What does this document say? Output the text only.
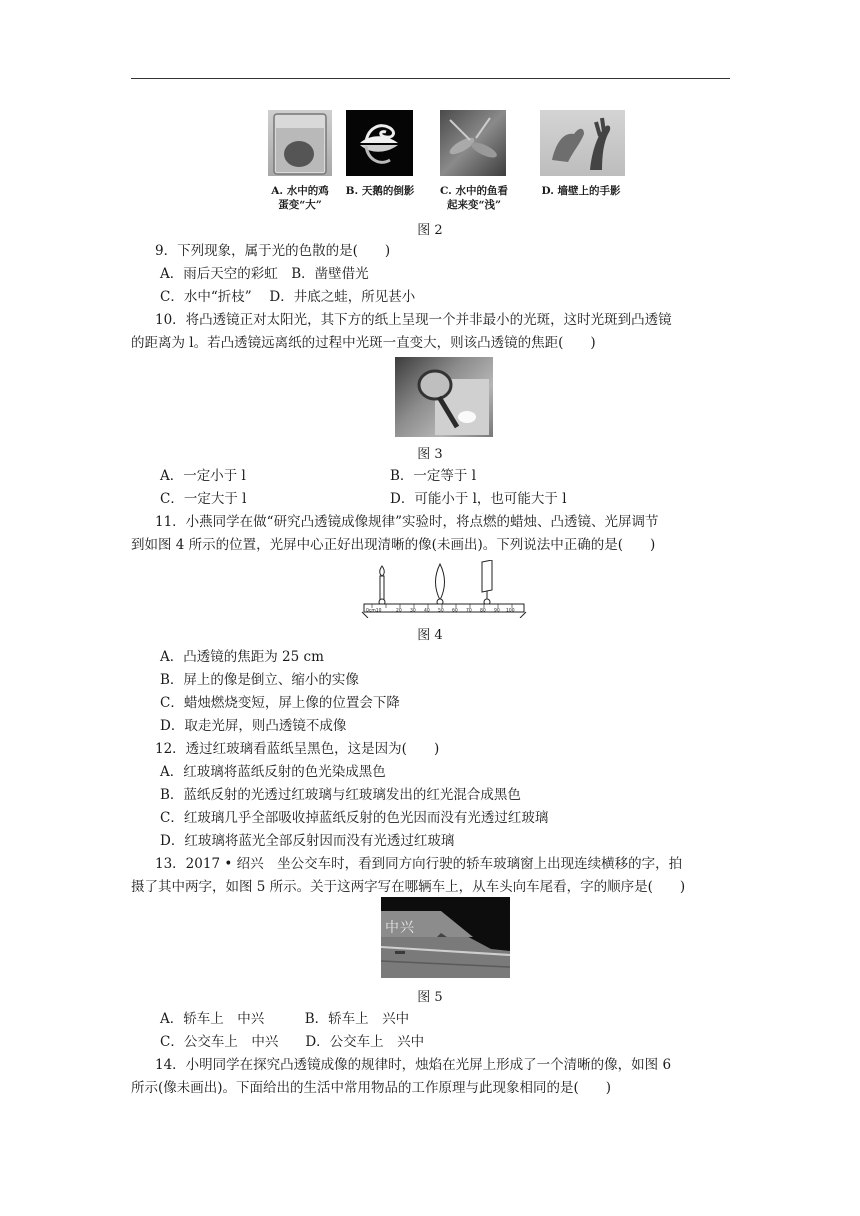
A. 水中的鸡
蛋变“大”
B. 天鹅的倒影	C. 水中的鱼看
起来变“浅”
D. 墙壁上的手影
图 2
9．下列现象，属于光的色散的是(　　)
A．雨后天空的彩虹　B．凿壁借光
C．水中“折枝”　 D．井底之蛙，所见甚小
10．将凸透镜正对太阳光，其下方的纸上呈现一个并非最小的光斑，这时光斑到凸透镜
的距离为 l。若凸透镜远离纸的过程中光斑一直变大，则该凸透镜的焦距(　　)
图 3
A．一定小于 l	B．一定等于 l
C．一定大于 l	D．可能小于 l，也可能大于 l
11．小燕同学在做“研究凸透镜成像规律”实验时，将点燃的蜡烛、凸透镜、光屏调节
到如图 4 所示的位置，光屏中心正好出现清晰的像(未画出)。下列说法中正确的是(　　)
0cm10	20 30 40 50 60 70 80 90 100
图 4
A．凸透镜的焦距为 25 cm
B．屏上的像是倒立、缩小的实像
C．蜡烛燃烧变短，屏上像的位置会下降
D．取走光屏，则凸透镜不成像
12．透过红玻璃看蓝纸呈黑色，这是因为(　　)
A．红玻璃将蓝纸反射的色光染成黑色
B．蓝纸反射的光透过红玻璃与红玻璃发出的红光混合成黑色
C．红玻璃几乎全部吸收掉蓝纸反射的色光因而没有光透过红玻璃
D．红玻璃将蓝光全部反射因而没有光透过红玻璃
13．2017 • 绍兴　坐公交车时，看到同方向行驶的轿车玻璃窗上出现连续横移的字，拍
摄了其中两字，如图 5 所示。关于这两字写在哪辆车上，从车头向车尾看，字的顺序是(　　)
中兴
图 5
A．轿车上　中兴　　　B．轿车上　兴中
C．公交车上　中兴　　D．公交车上　兴中
14．小明同学在探究凸透镜成像的规律时，烛焰在光屏上形成了一个清晰的像，如图 6
所示(像未画出)。下面给出的生活中常用物品的工作原理与此现象相同的是(　　)
